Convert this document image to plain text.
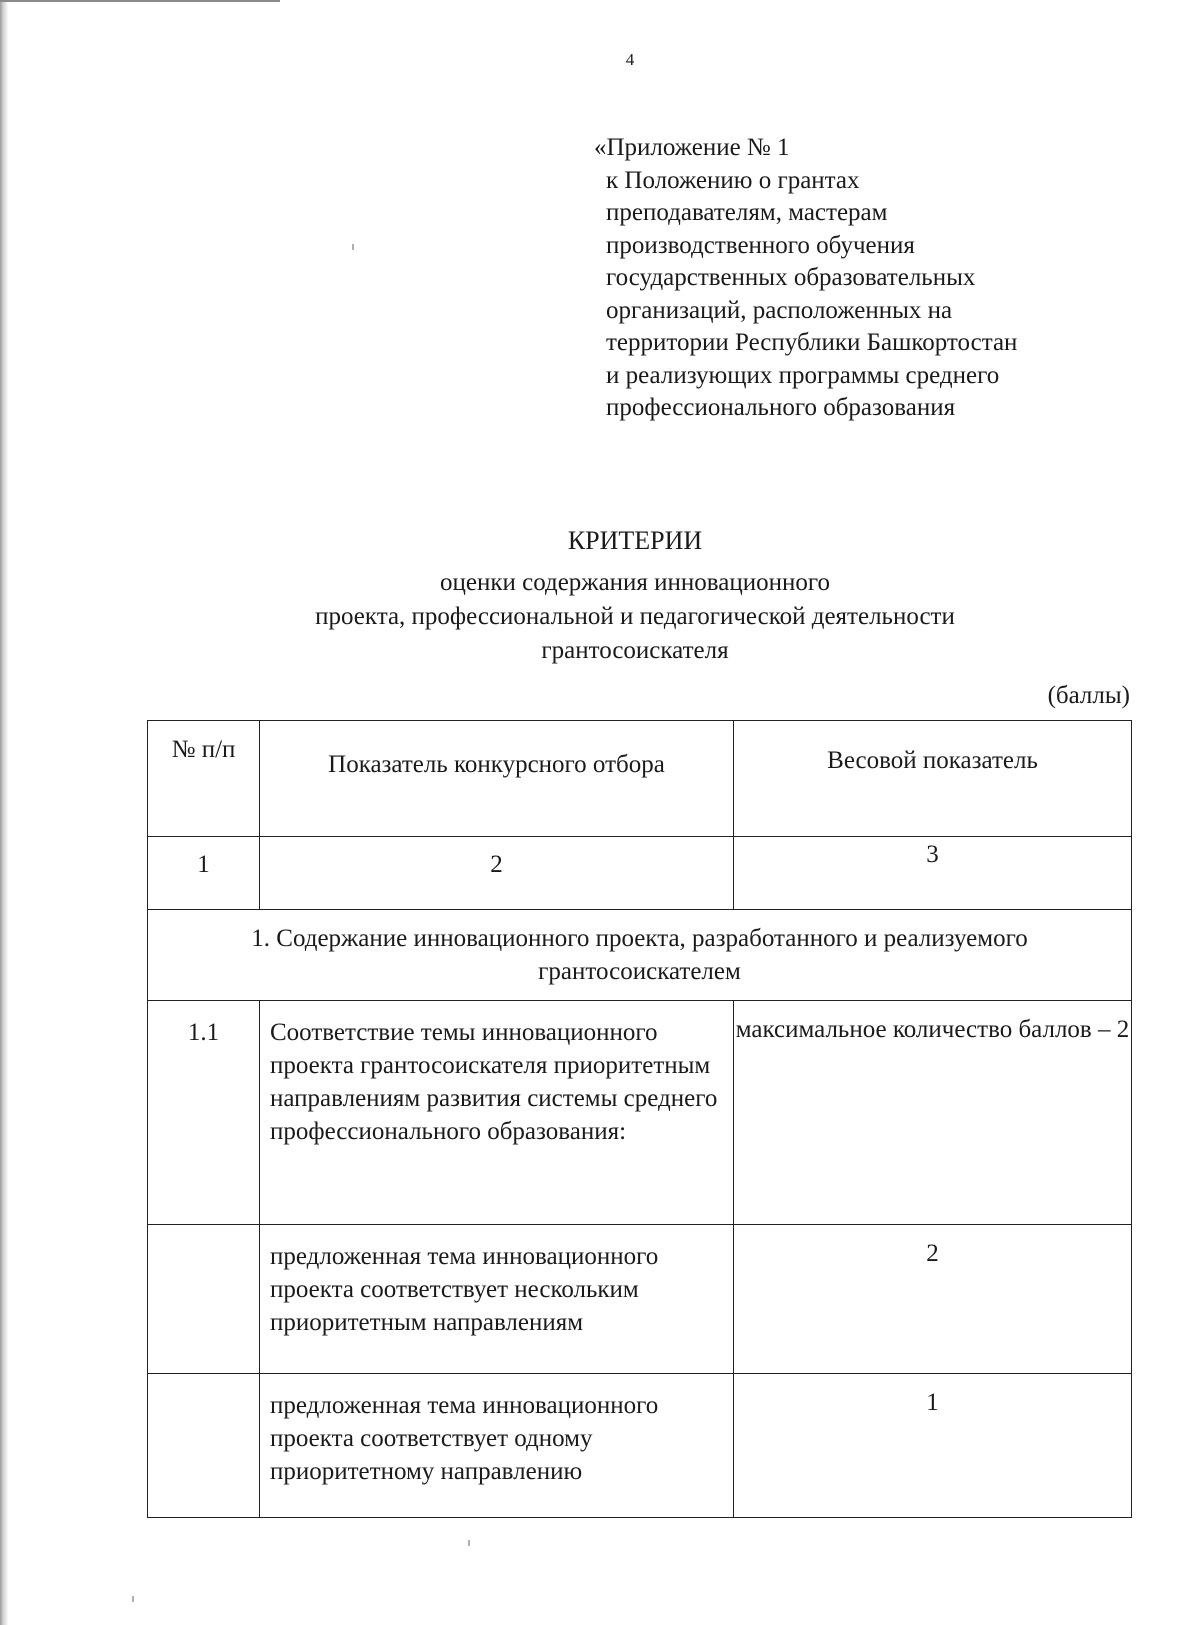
4
«Приложение № 1
к Положению о грантах
преподавателям, мастерам
производственного обучения
государственных образовательных
организаций, расположенных на
территории Республики Башкортостан
и реализующих программы среднего
профессионального образования
КРИТЕРИИ
оценки содержания инновационного
проекта, профессиональной и педагогической деятельности
грантосоискателя
(баллы)
№ п/п	Показатель конкурсного отбора	Весовой показатель
1	2	3
1. Содержание инновационного проекта, разработанного и реализуемого грантосоискателем		
1.1	Соответствие темы инновационного проекта грантосоискателя приоритетным направлениям развития системы среднего профессионального образования:	максимальное количество баллов – 2
	предложенная тема инновационного проекта соответствует нескольким приоритетным направлениям	2
	предложенная тема инновационного проекта соответствует одному приоритетному направлению	1
